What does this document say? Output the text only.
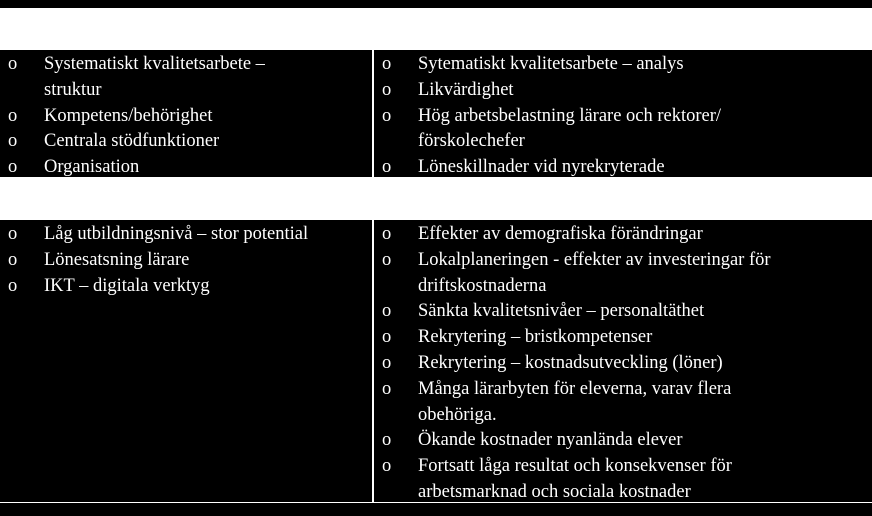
o Systematiskt kvalitetsarbete –
struktur
o Kompetens/behörighet
o Centrala stödfunktioner
o Organisation
o Sytematiskt kvalitetsarbete – analys
o Likvärdighet
o Hög arbetsbelastning lärare och rektorer/
förskolechefer
o Löneskillnader vid nyrekryterade
o Låg utbildningsnivå – stor potential
o Lönesatsning lärare
o IKT – digitala verktyg
o Effekter av demografiska förändringar
o Lokalplaneringen - effekter av investeringar för
driftskostnaderna
o Sänkta kvalitetsnivåer – personaltäthet
o Rekrytering – bristkompetenser
o Rekrytering – kostnadsutveckling (löner)
o Många lärarbyten för eleverna, varav flera
obehöriga.
o Ökande kostnader nyanlända elever
o Fortsatt låga resultat och konsekvenser för
arbetsmarknad och sociala kostnader
